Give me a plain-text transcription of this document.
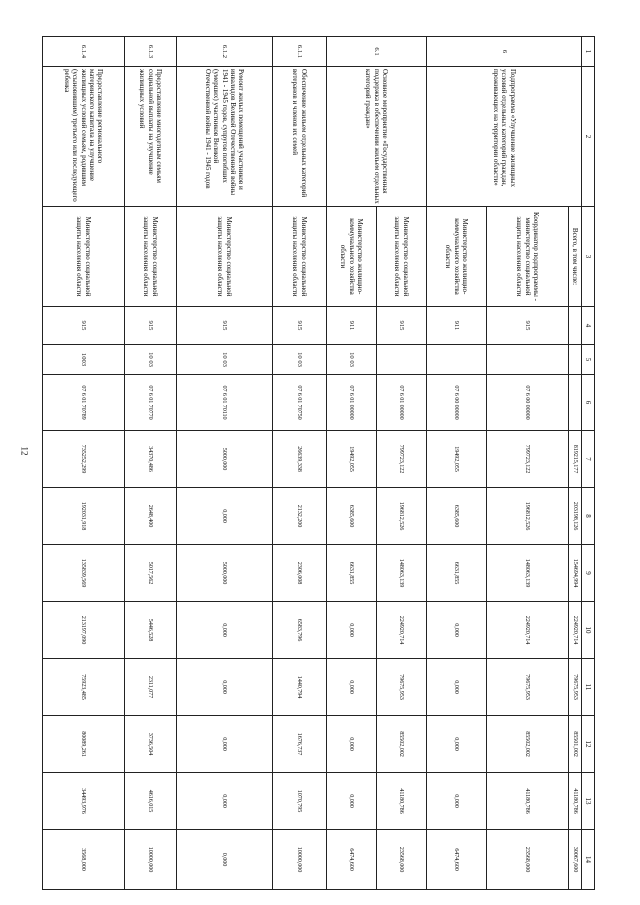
12
1	2	3	4	5	6	7	8	9	10	11	12	13	14
6	Подпрограмма «Улучшение жилищных условий отдельных категорий граждан, проживающих на территории области»	Всего, в том числе:				819215,177	203198,126	154694,994	224920,714	79675,953	85501,002	41180,786	30067,600
		Координатор подпрограммы - министерство социальной защиты населения области	915		07 6 00 00000	799723,122	196812,526	148063,139	224920,714	79675,953	85502,002	41180,786	23568,000
		Министерство жилищно-коммунального хозяйства области	911		07 6 00 00000	19492,055	6385,600	6631,855	0,000	0,000	0,000	0,000	6474,600
6.1	Основное мероприятие «Государственная поддержка в обеспечении жильем отдельных категорий граждан»	Министерство социальной защиты населения области	915		07 6 01 00000	799723,122	196812,526	148063,139	224920,714	79675,953	85502,002	41180,786	23568,000
		Министерство жилищно-коммунального хозяйства области	911	10 03	07 6 01 00000	19492,055	6385,600	6631,855	0,000	0,000	0,000	0,000	6474,600
6.1.1	Обеспечение жильем отдельных категорий ветеранов и членов их семей	Министерство социальной защиты населения области	915	10 03	07 6 01 70750	26639,338	2132,200	2306,008	6583,796	1440,794	1676,737	1070,795	10000,000
6.1.2	Ремонт жилых помещений участников и инвалидов Великой Отечественной войны 1941 - 1945 годов, супругов погибших (умерших) участников Великой Отечественной войны 1941 - 1945 годов	Министерство социальной защиты населения области	915	10 03	07 6 01 70110	5000,000	0,000	5000,000	0,000	0,000	0,000	0,000	0,000
6.1.3	Предоставление многодетным семьям социальной выплаты на улучшение жилищных условий	Министерство социальной защиты населения области	915	10 03	07 6 01 70770	34370,486	2648,400	5017,562	5446,528	2311,077	3736,504	4616,015	10000,000
6.1.4	Предоставление регионального материнского капитала на улучшение жилищных условий семьям, родившим (усыновившим) третьего или последующего ребенка	Министерство социальной защиты населения области	915	1003	07 6 01 70789	735252,299	192031,918	135839,569	213197,090	75923,485	80089,261	34493,976	3568,000
